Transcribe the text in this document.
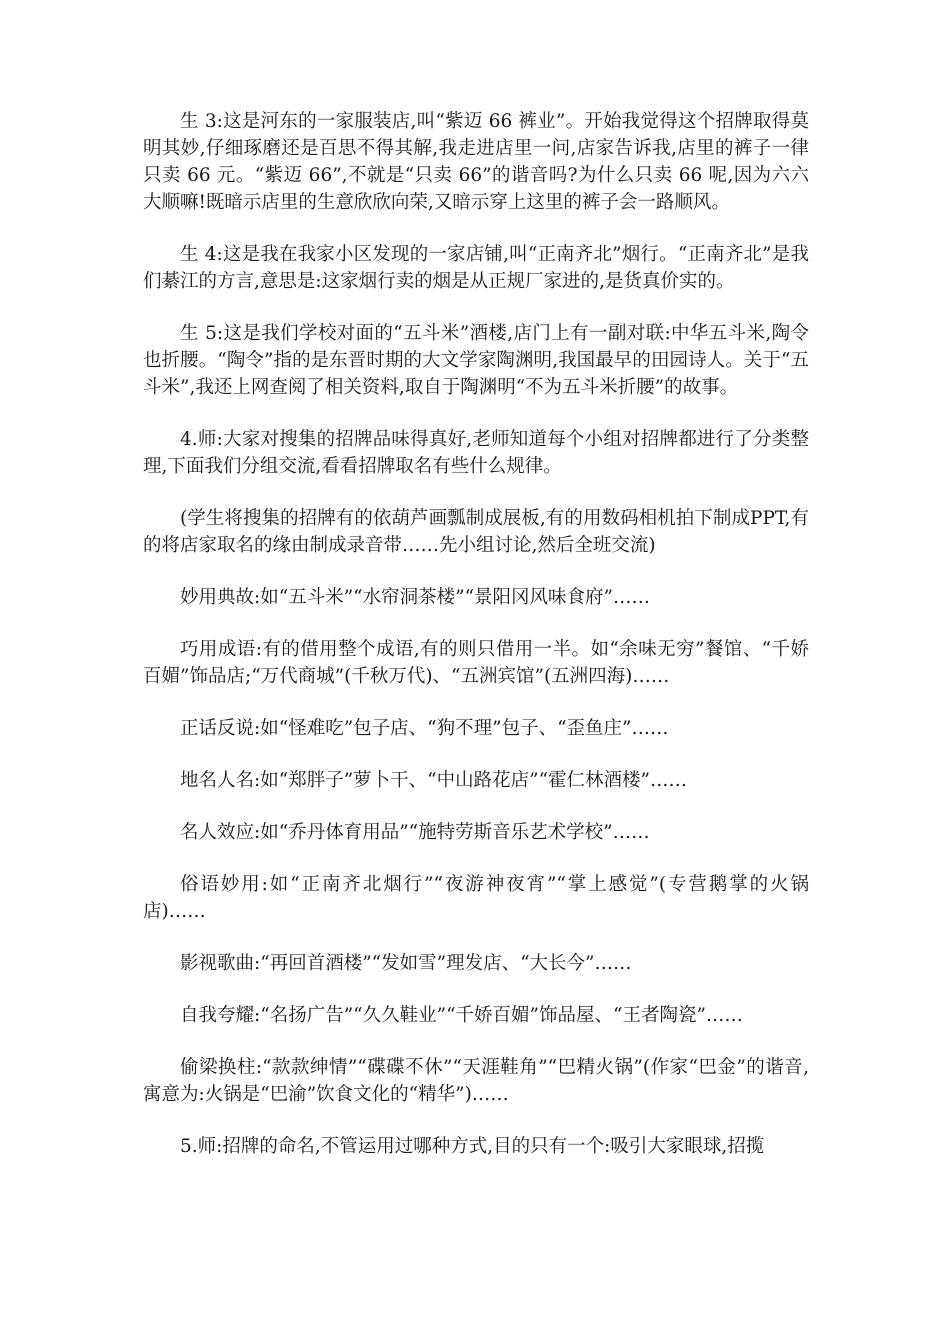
生 3:这是河东的一家服装店,叫“紫迈 66 裤业”。开始我觉得这个招牌取得莫明其妙,仔细琢磨还是百思不得其解,我走进店里一问,店家告诉我,店里的裤子一律只卖 66 元。“紫迈 66”,不就是“只卖 66”的谐音吗?为什么只卖 66 呢,因为六六大顺嘛!既暗示店里的生意欣欣向荣,又暗示穿上这里的裤子会一路顺风。

生 4:这是我在我家小区发现的一家店铺,叫“正南齐北”烟行。“正南齐北”是我们綦江的方言,意思是:这家烟行卖的烟是从正规厂家进的,是货真价实的。

生 5:这是我们学校对面的“五斗米”酒楼,店门上有一副对联:中华五斗米,陶令也折腰。“陶令”指的是东晋时期的大文学家陶渊明,我国最早的田园诗人。关于“五斗米”,我还上网查阅了相关资料,取自于陶渊明“不为五斗米折腰”的故事。

4.师:大家对搜集的招牌品味得真好,老师知道每个小组对招牌都进行了分类整理,下面我们分组交流,看看招牌取名有些什么规律。

(学生将搜集的招牌有的依葫芦画瓢制成展板,有的用数码相机拍下制成PPT,有的将店家取名的缘由制成录音带……先小组讨论,然后全班交流)

妙用典故:如“五斗米”“水帘洞茶楼”“景阳冈风味食府”……

巧用成语:有的借用整个成语,有的则只借用一半。如“余味无穷”餐馆、“千娇百媚”饰品店;“万代商城”(千秋万代)、“五洲宾馆”(五洲四海)……

正话反说:如“怪难吃”包子店、“狗不理”包子、“歪鱼庄”……

地名人名:如“郑胖子”萝卜干、“中山路花店”“霍仁林酒楼”……

名人效应:如“乔丹体育用品”“施特劳斯音乐艺术学校”……

俗语妙用:如“正南齐北烟行”“夜游神夜宵”“掌上感觉”(专营鹅掌的火锅店)……

影视歌曲:“再回首酒楼”“发如雪”理发店、“大长今”……

自我夸耀:“名扬广告”“久久鞋业”“千娇百媚”饰品屋、“王者陶瓷”……

偷梁换柱:“款款绅情”“碟碟不休”“天涯鞋角”“巴精火锅”(作家“巴金”的谐音,寓意为:火锅是“巴渝”饮食文化的“精华”)……

5.师:招牌的命名,不管运用过哪种方式,目的只有一个:吸引大家眼球,招揽
